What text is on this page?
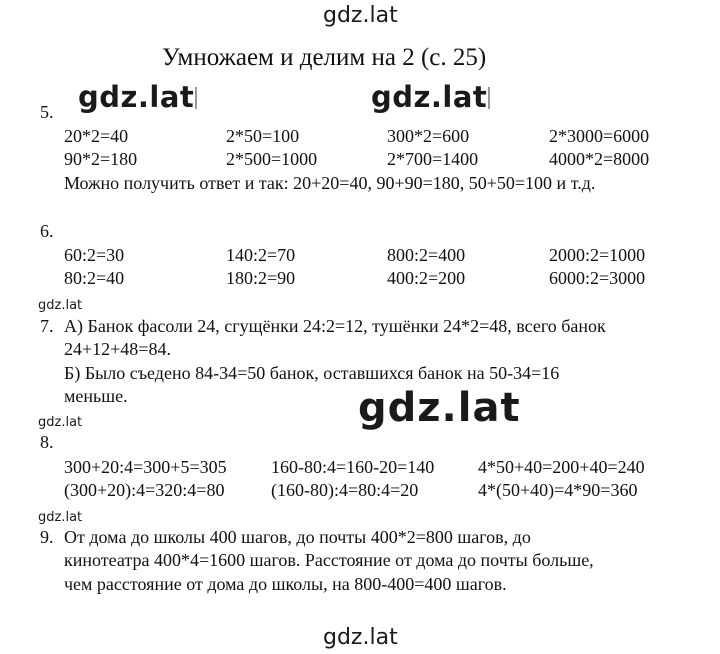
gdz.lat
gdz.lat	gdz.lat
gdz.lat
gdz.lat
gdz.lat
gdz.lat
gdz.lat
Умножаем и делим на 2 (с. 25)
5.
20*2=40	2*50=100	300*2=600	2*3000=6000
90*2=180	2*500=1000	2*700=1400	4000*2=8000
Можно получить ответ и так: 20+20=40, 90+90=180, 50+50=100 и т.д.
6.
60:2=30	140:2=70	800:2=400	2000:2=1000
80:2=40	180:2=90	400:2=200	6000:2=3000
7. А) Банок фасоли 24, сгущёнки 24:2=12, тушёнки 24*2=48, всего банок
24+12+48=84.
Б) Было съедено 84-34=50 банок, оставшихся банок на 50-34=16
меньше.
8.
300+20:4=300+5=305 160-80:4=160-20=140 4*50+40=200+40=240
(300+20):4=320:4=80	(160-80):4=80:4=20	4*(50+40)=4*90=360
9. От дома до школы 400 шагов, до почты 400*2=800 шагов, до
кинотеатра 400*4=1600 шагов. Расстояние от дома до почты больше,
чем расстояние от дома до школы, на 800-400=400 шагов.
